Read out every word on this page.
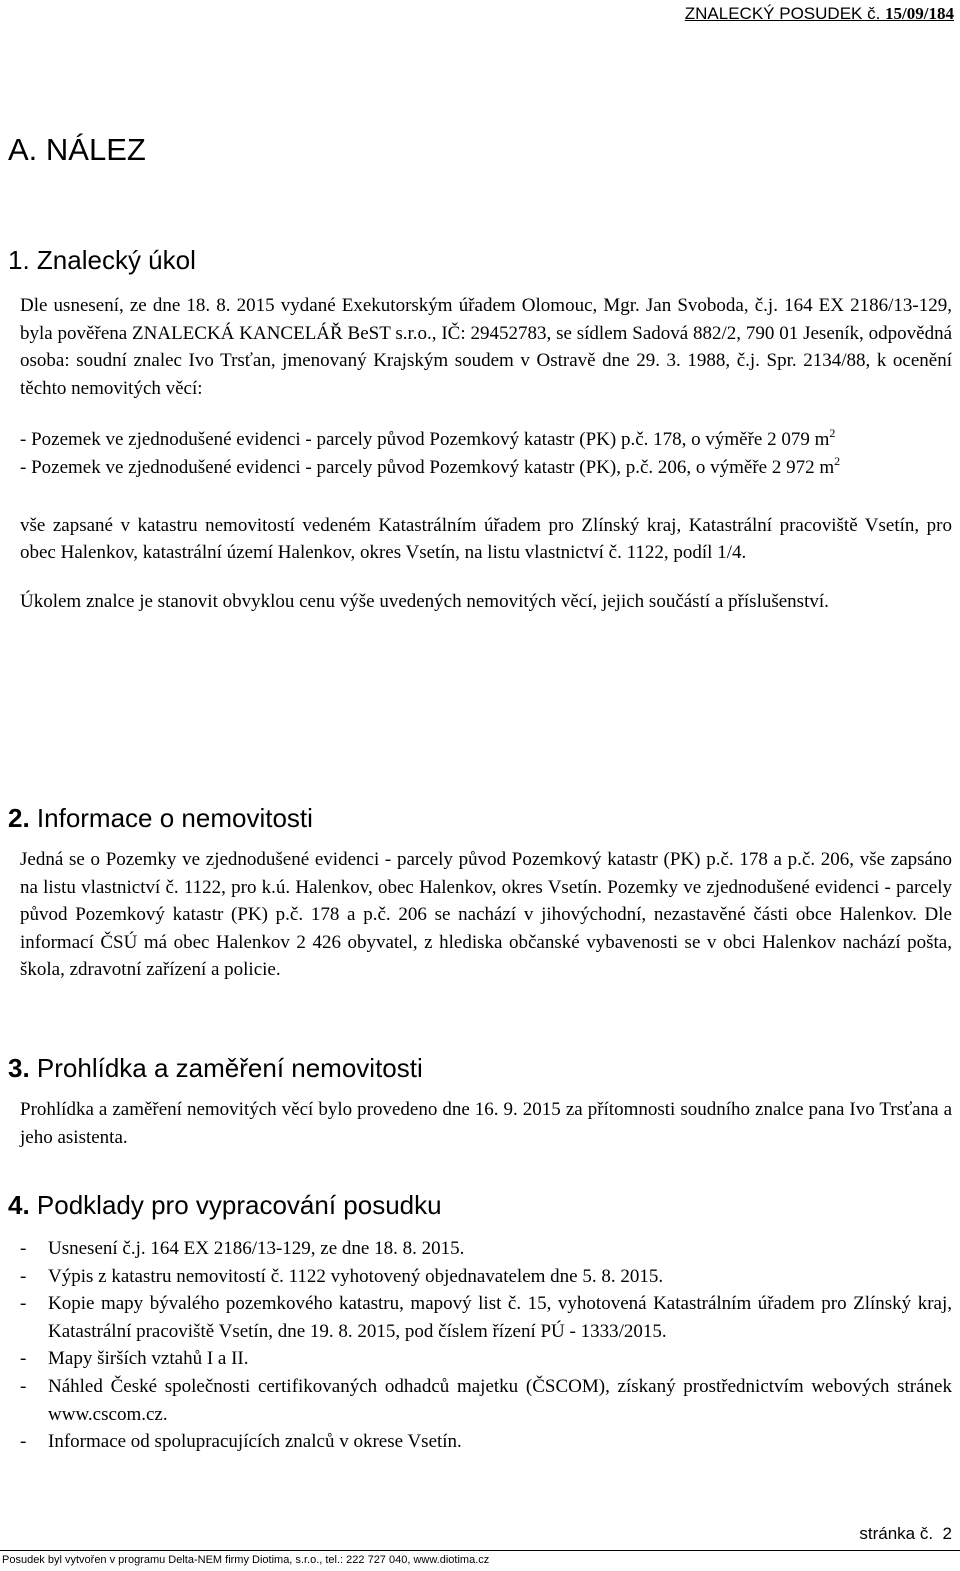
ZNALECKÝ POSUDEK č. 15/09/184
A. NÁLEZ
1. Znalecký úkol

Dle usnesení, ze dne 18. 8. 2015 vydané Exekutorským úřadem Olomouc, Mgr. Jan Svoboda, č.j. 164 EX 2186/13-129, byla pověřena ZNALECKÁ KANCELÁŘ BeST s.r.o., IČ: 29452783, se sídlem Sadová 882/2, 790 01 Jeseník, odpovědná osoba: soudní znalec Ivo Trsťan, jmenovaný Krajským soudem v Ostravě dne 29. 3. 1988, č.j. Spr. 2134/88, k ocenění těchto nemovitých věcí:

- Pozemek ve zjednodušené evidenci - parcely původ Pozemkový katastr (PK) p.č. 178, o výměře 2 079 $m^2$

- Pozemek ve zjednodušené evidenci - parcely původ Pozemkový katastr (PK), p.č. 206, o výměře 2 972 $m^2$

vše zapsané v katastru nemovitostí vedeném Katastrálním úřadem pro Zlínský kraj, Katastrální pracoviště Vsetín, pro obec Halenkov, katastrální území Halenkov, okres Vsetín, na listu vlastnictví č. 1122, podíl 1/4.

Úkolem znalce je stanovit obvyklou cenu výše uvedených nemovitých věcí, jejich součástí a příslušenství.

2. Informace o nemovitosti

Jedná se o Pozemky ve zjednodušené evidenci - parcely původ Pozemkový katastr (PK) p.č. 178 a p.č. 206, vše zapsáno na listu vlastnictví č. 1122, pro k.ú. Halenkov, obec Halenkov, okres Vsetín. Pozemky ve zjednodušené evidenci - parcely původ Pozemkový katastr (PK) p.č. 178 a p.č. 206 se nachází v jihovýchodní, nezastavěné části obce Halenkov. Dle informací ČSÚ má obec Halenkov 2 426 obyvatel, z hlediska občanské vybavenosti se v obci Halenkov nachází pošta, škola, zdravotní zařízení a policie.

3. Prohlídka a zaměření nemovitosti

Prohlídka a zaměření nemovitých věcí bylo provedeno dne 16. 9. 2015 za přítomnosti soudního znalce pana Ivo Trsťana a jeho asistenta.

4. Podklady pro vypracování posudku
-	Usnesení č.j. 164 EX 2186/13-129, ze dne 18. 8. 2015.
-	Výpis z katastru nemovitostí č. 1122 vyhotovený objednavatelem dne 5. 8. 2015.
-	Kopie mapy bývalého pozemkového katastru, mapový list č. 15, vyhotovená Katastrálním úřadem pro Zlínský kraj, Katastrální pracoviště Vsetín, dne 19. 8. 2015, pod číslem řízení PÚ - 1333/2015.
-	Mapy širších vztahů I a II.
-	Náhled České společnosti certifikovaných odhadců majetku (ČSCOM), získaný prostřednictvím webových stránek www.cscom.cz.
-	Informace od spolupracujících znalců v okrese Vsetín.
stránka č. 2
Posudek byl vytvořen v programu Delta-NEM firmy Diotima, s.r.o., tel.: 222 727 040, www.diotima.cz
